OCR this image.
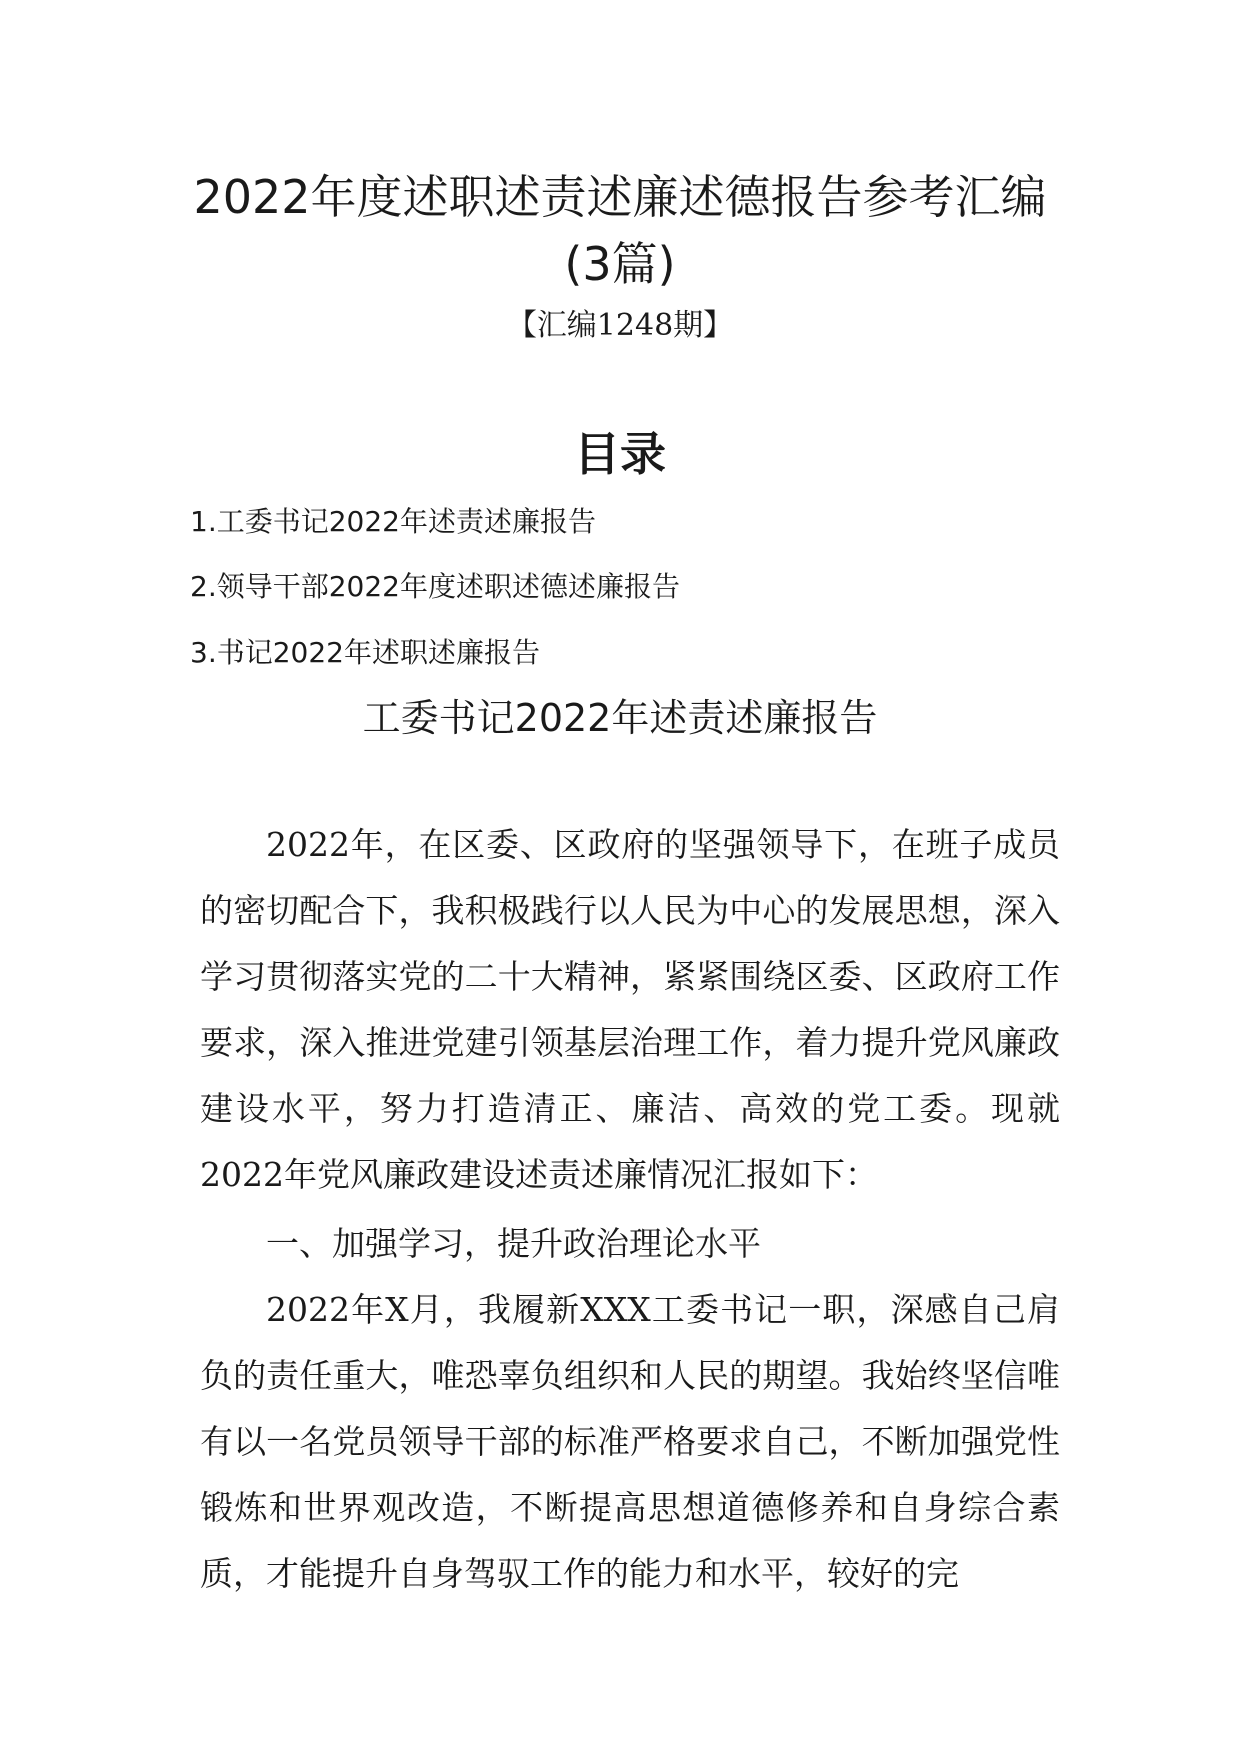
2022年度述职述责述廉述德报告参考汇编
(3篇)
【汇编1248期】
目录
1.工委书记2022年述责述廉报告
2.领导干部2022年度述职述德述廉报告
3.书记2022年述职述廉报告
工委书记2022年述责述廉报告

2022年，在区委、区政府的坚强领导下，在班子成员的密切配合下，我积极践行以人民为中心的发展思想，深入学习贯彻落实党的二十大精神，紧紧围绕区委、区政府工作要求，深入推进党建引领基层治理工作，着力提升党风廉政建设水平，努力打造清正、廉洁、高效的党工委。现就2022年党风廉政建设述责述廉情况汇报如下：

一、加强学习，提升政治理论水平

2022年X月，我履新XXX工委书记一职，深感自己肩负的责任重大，唯恐辜负组织和人民的期望。我始终坚信唯有以一名党员领导干部的标准严格要求自己，不断加强党性锻炼和世界观改造，不断提高思想道德修养和自身综合素质，才能提升自身驾驭工作的能力和水平，较好的完
